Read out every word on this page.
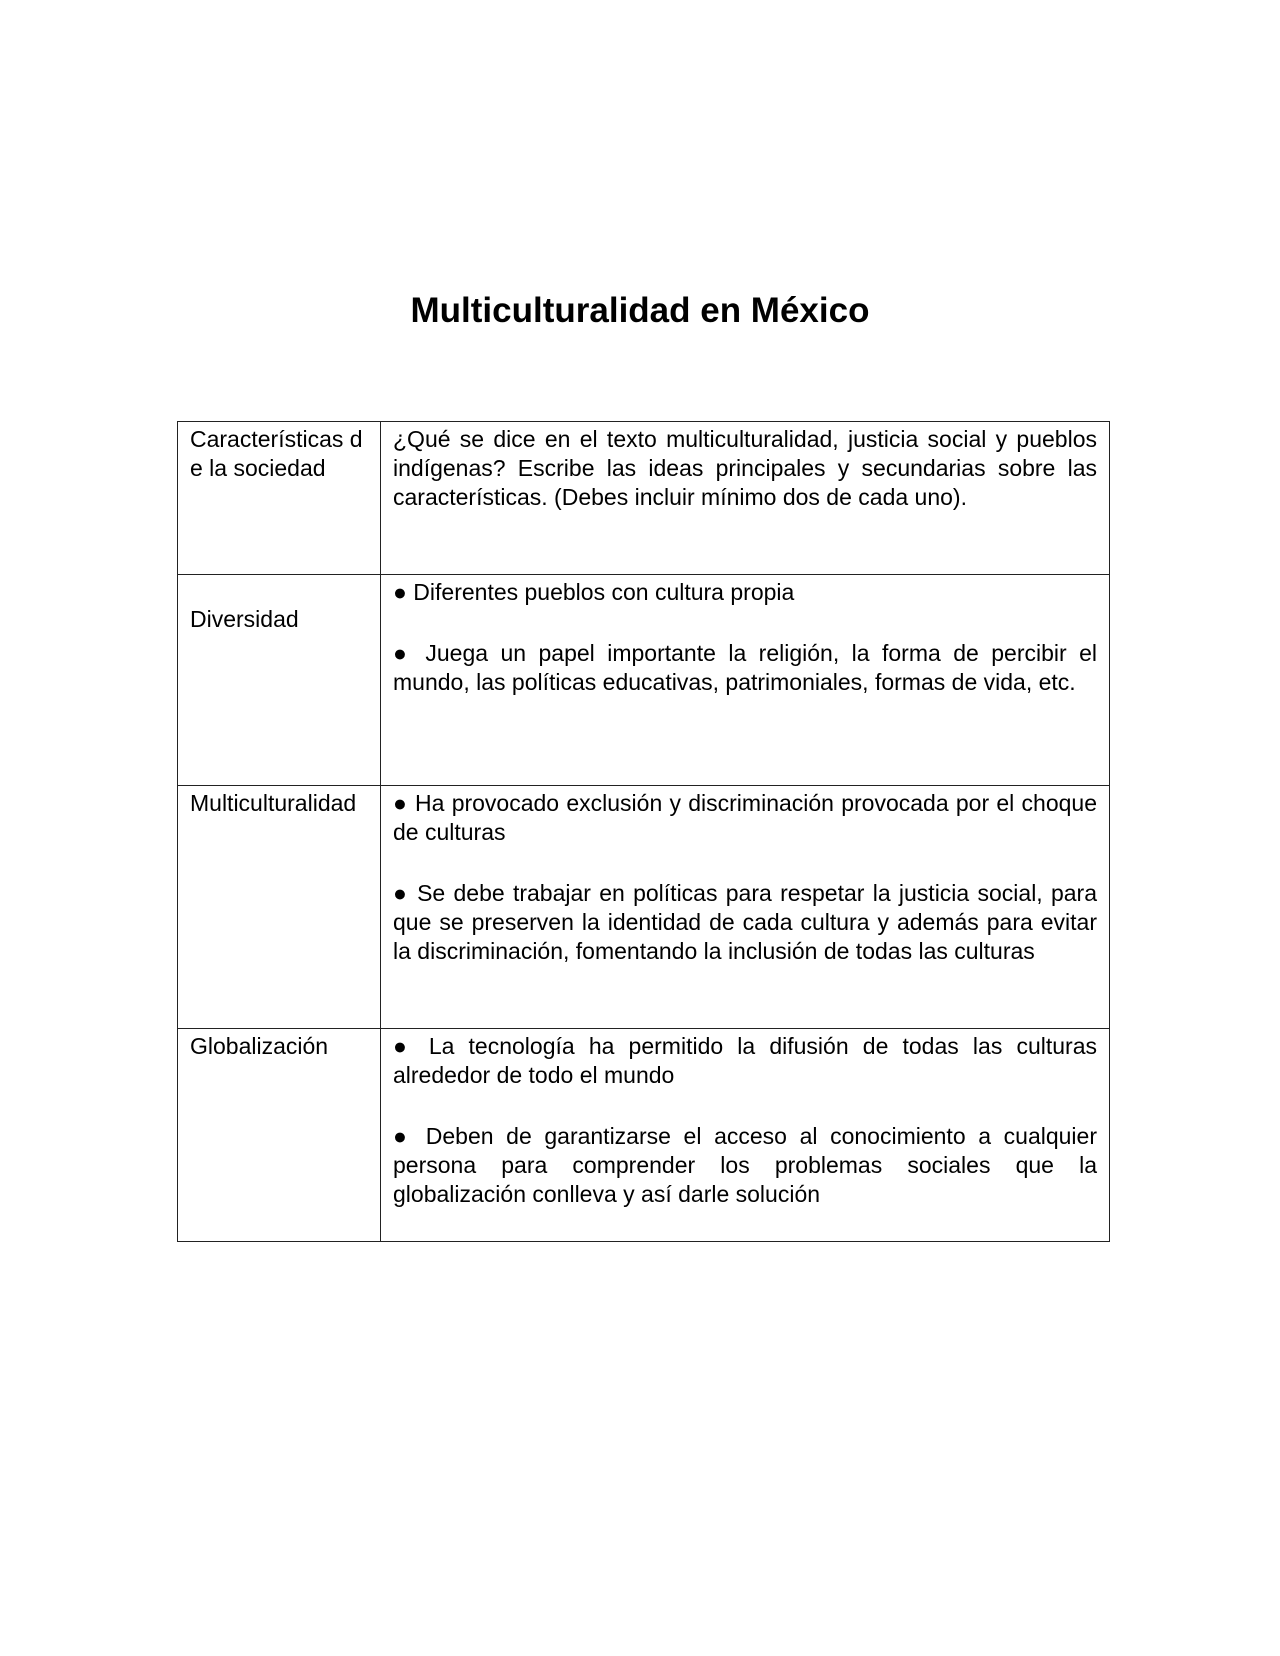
Multiculturalidad en México
Características de la sociedad	¿Qué se dice en el texto multiculturalidad, justicia social y pueblos indígenas? Escribe las ideas principales y secundarias sobre las características. (Debes incluir mínimo dos de cada uno).
Diversidad	● Diferentes pueblos con cultura propia

● Juega un papel importante la religión, la forma de percibir el mundo, las políticas educativas, patrimoniales, formas de vida, etc.

Multiculturalidad	● Ha provocado exclusión y discriminación provocada por el choque de culturas

● Se debe trabajar en políticas para respetar la justicia social, para que se preserven la identidad de cada cultura y además para evitar la discriminación, fomentando la inclusión de todas las culturas

Globalización	● La tecnología ha permitido la difusión de todas las culturas alrededor de todo el mundo

● Deben de garantizarse el acceso al conocimiento a cualquier persona para comprender los problemas sociales que la globalización conlleva y así darle solución
